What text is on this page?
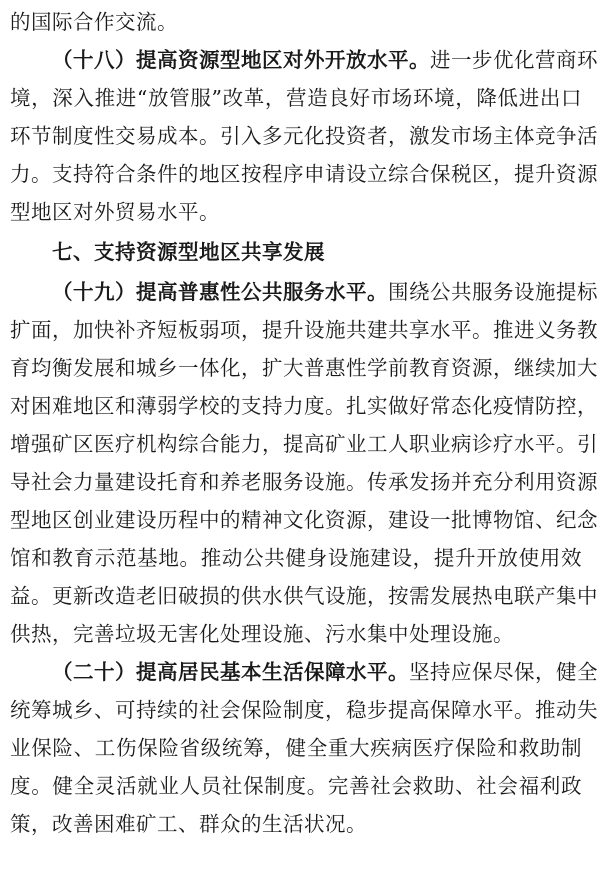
的国际合作交流。
（十八）提高资源型地区对外开放水平。进一步优化营商环
境，深入推进“放管服”改革，营造良好市场环境，降低进出口
环节制度性交易成本。引入多元化投资者，激发市场主体竞争活
力。支持符合条件的地区按程序申请设立综合保税区，提升资源
型地区对外贸易水平。
七、支持资源型地区共享发展
（十九）提高普惠性公共服务水平。围绕公共服务设施提标
扩面，加快补齐短板弱项，提升设施共建共享水平。推进义务教
育均衡发展和城乡一体化，扩大普惠性学前教育资源，继续加大
对困难地区和薄弱学校的支持力度。扎实做好常态化疫情防控，
增强矿区医疗机构综合能力，提高矿业工人职业病诊疗水平。引
导社会力量建设托育和养老服务设施。传承发扬并充分利用资源
型地区创业建设历程中的精神文化资源，建设一批博物馆、纪念
馆和教育示范基地。推动公共健身设施建设，提升开放使用效
益。更新改造老旧破损的供水供气设施，按需发展热电联产集中
供热，完善垃圾无害化处理设施、污水集中处理设施。
（二十）提高居民基本生活保障水平。坚持应保尽保，健全
统筹城乡、可持续的社会保险制度，稳步提高保障水平。推动失
业保险、工伤保险省级统筹，健全重大疾病医疗保险和救助制
度。健全灵活就业人员社保制度。完善社会救助、社会福利政
策，改善困难矿工、群众的生活状况。
